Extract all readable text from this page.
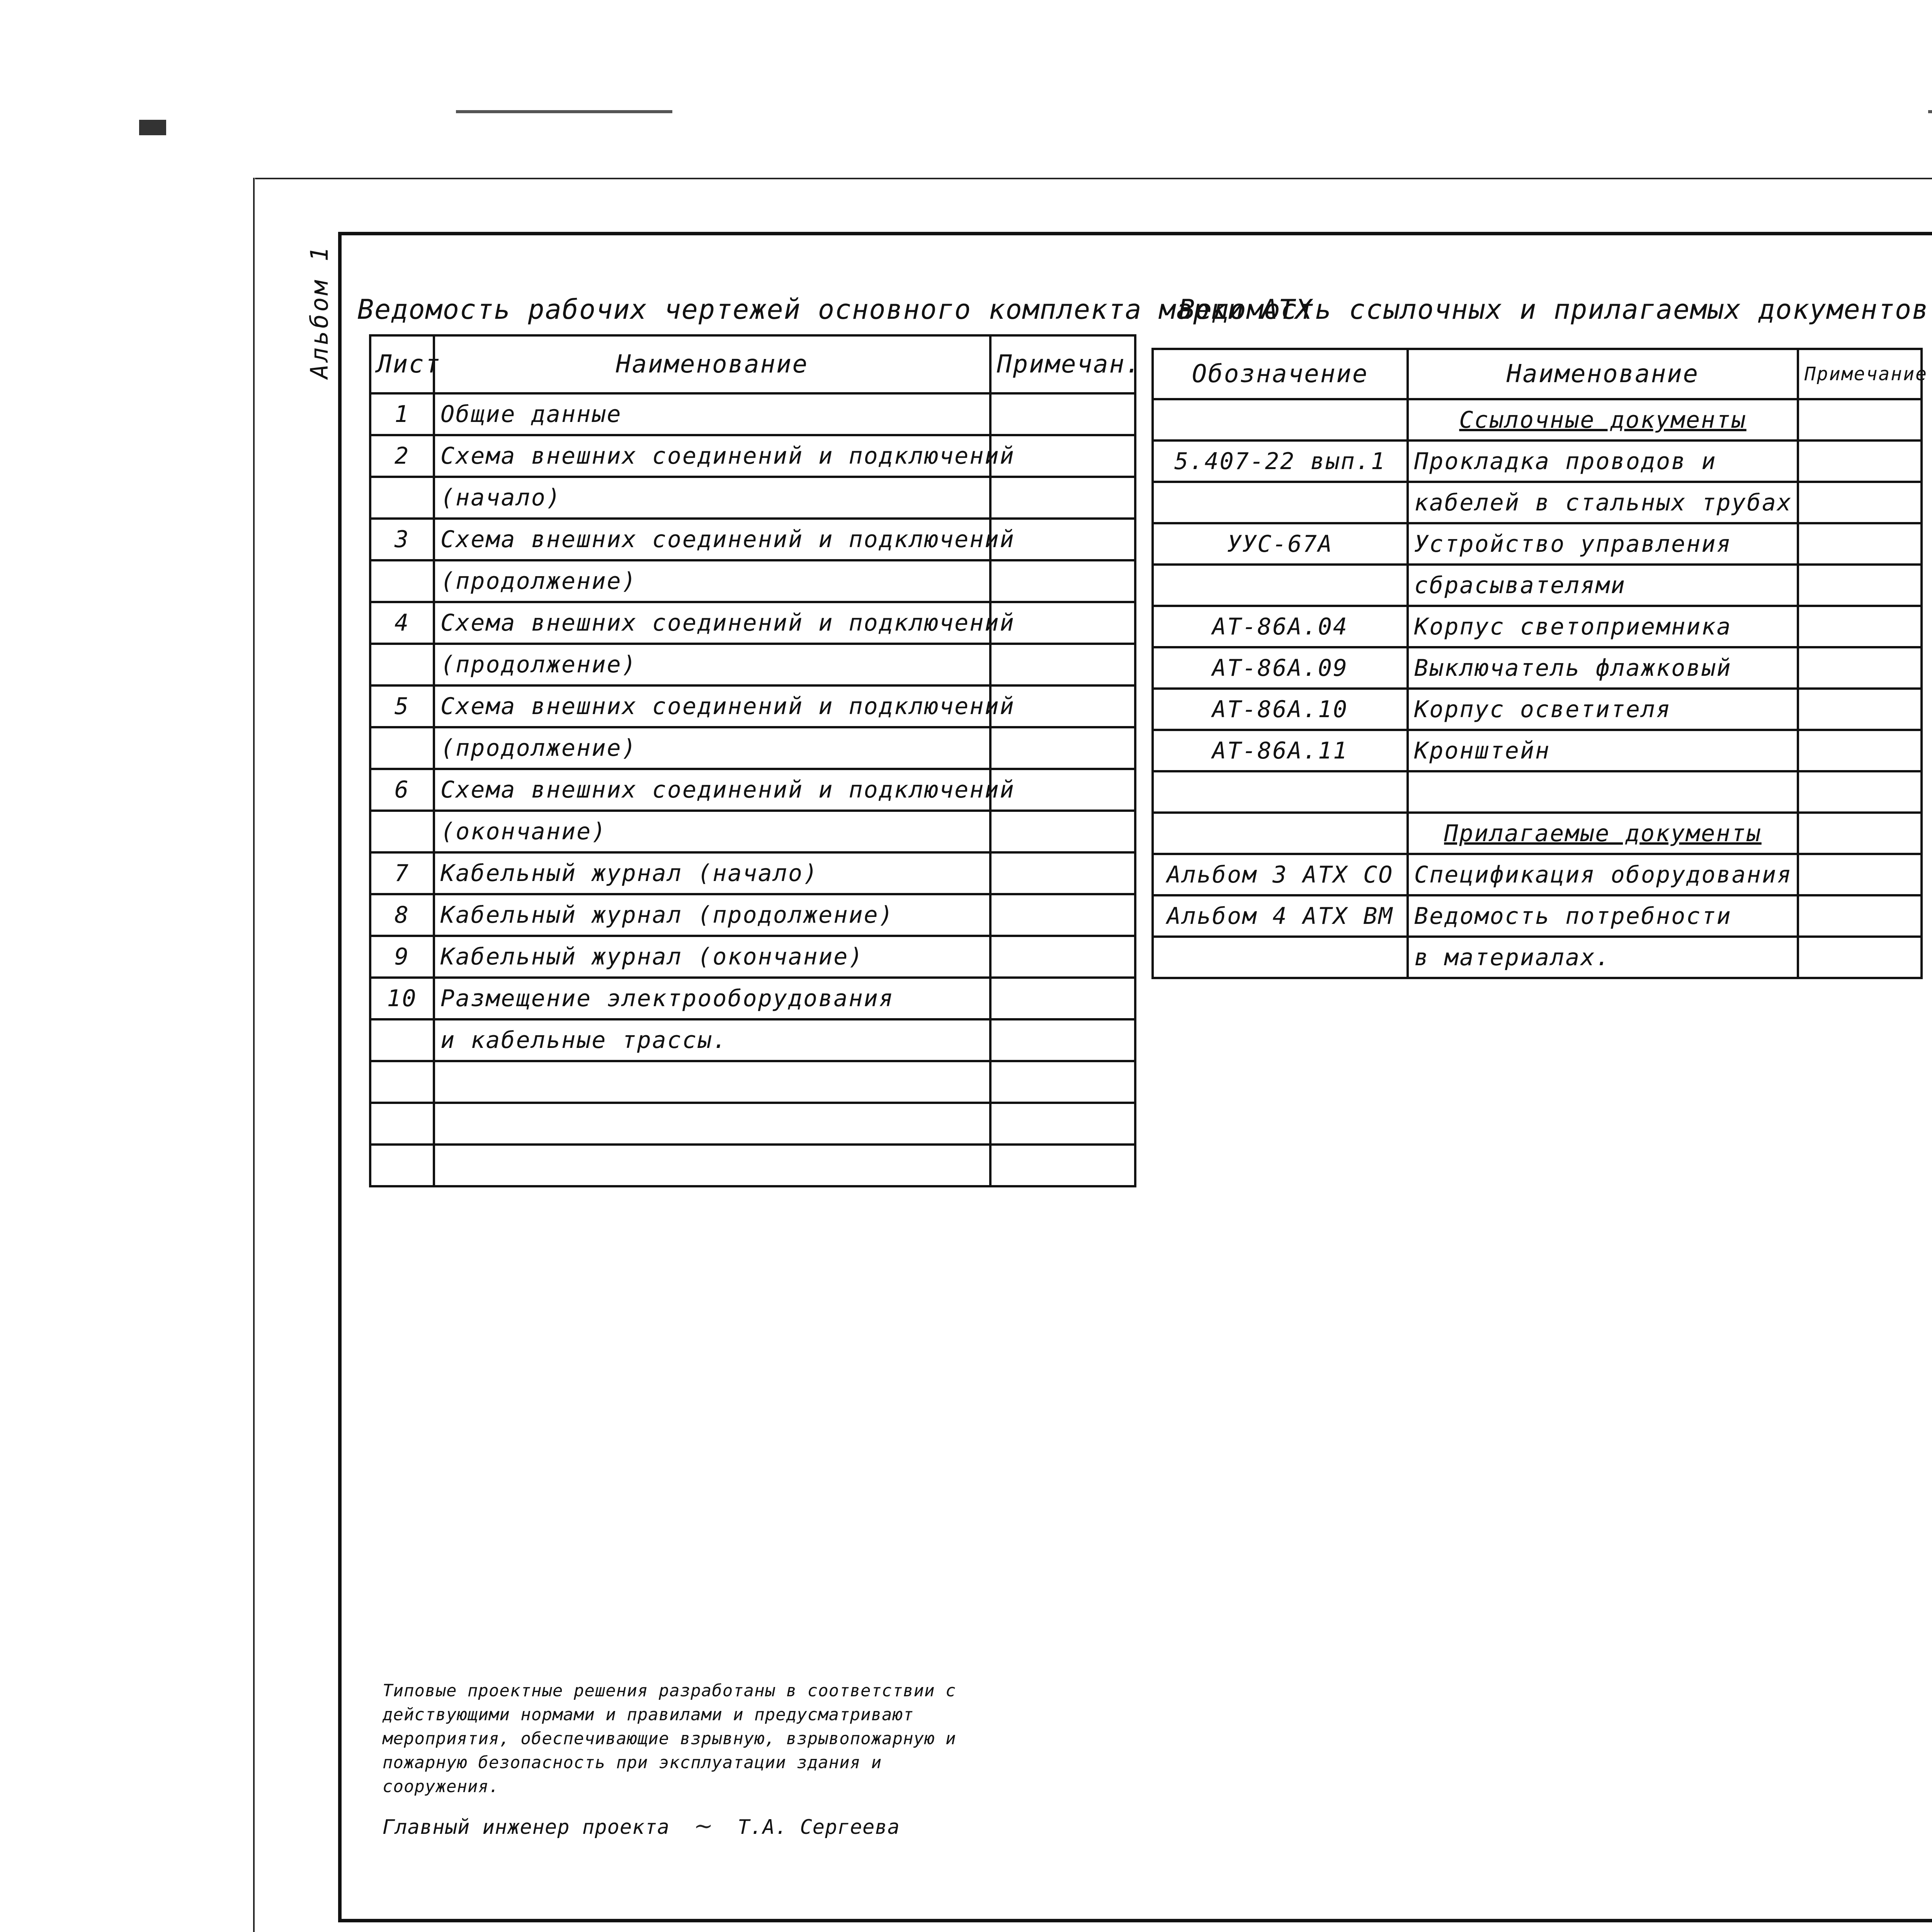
Альбом 1 Ведомость рабочих чертежей основного комплекта марки АТХ
Лист	Наименование	Примечан.
1	Общие данные	
2	Схема внешних соединений и подключений	
	(начало)	
3	Схема внешних соединений и подключений	
	(продолжение)	
4	Схема внешних соединений и подключений	
	(продолжение)	
5	Схема внешних соединений и подключений	
	(продолжение)	
6	Схема внешних соединений и подключений	
	(окончание)	
7	Кабельный журнал (начало)	
8	Кабельный журнал (продолжение)	
9	Кабельный журнал (окончание)	
10	Размещение электрооборудования	
	и кабельные трассы.	

Ведомость ссылочных и прилагаемых документов
Обозначение	Наименование	Примечание
	Ссылочные документы	
5.407-22 вып.1	Прокладка проводов и	
	кабелей в стальных трубах	
УУС-67А	Устройство управления	
	сбрасывателями	
АТ-86А.04	Корпус светоприемника	
АТ-86А.09	Выключатель флажковый	
АТ-86А.10	Корпус осветителя	
АТ-86А.11	Кронштейн	

	Прилагаемые документы	
Альбом 3 АТХ СО	Спецификация оборудования	
Альбом 4 АТХ ВМ	Ведомость потребности	
	в материалах.	

Типовые проектные решения разработаны в соответствии с действующими нормами и правилами и предусматривают мероприятия, обеспечивающие взрывную, взрывопожарную и пожарную безопасность при эксплуатации здания и сооружения.

Главный инженер проекта ~ Т.А. Сергеева
